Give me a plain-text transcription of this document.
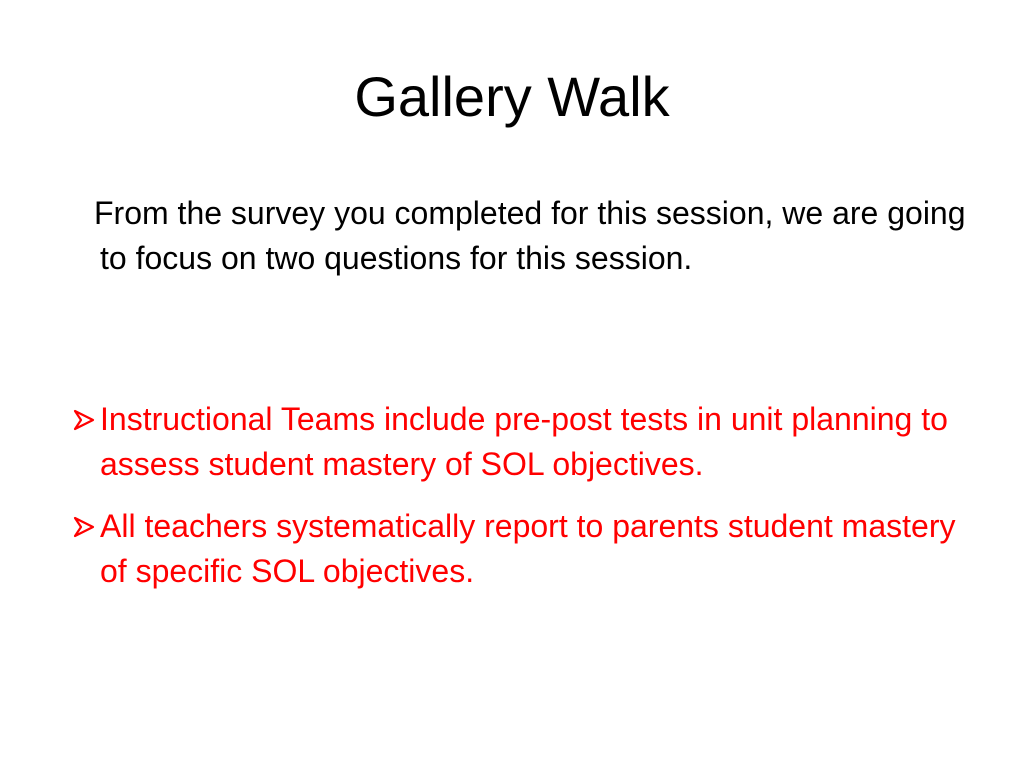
Gallery Walk

From the survey you completed for this session, we are going to focus on two questions for this session.

Instructional Teams include pre-post tests in unit planning to assess student mastery of SOL objectives.
All teachers systematically report to parents student mastery of specific SOL objectives.
